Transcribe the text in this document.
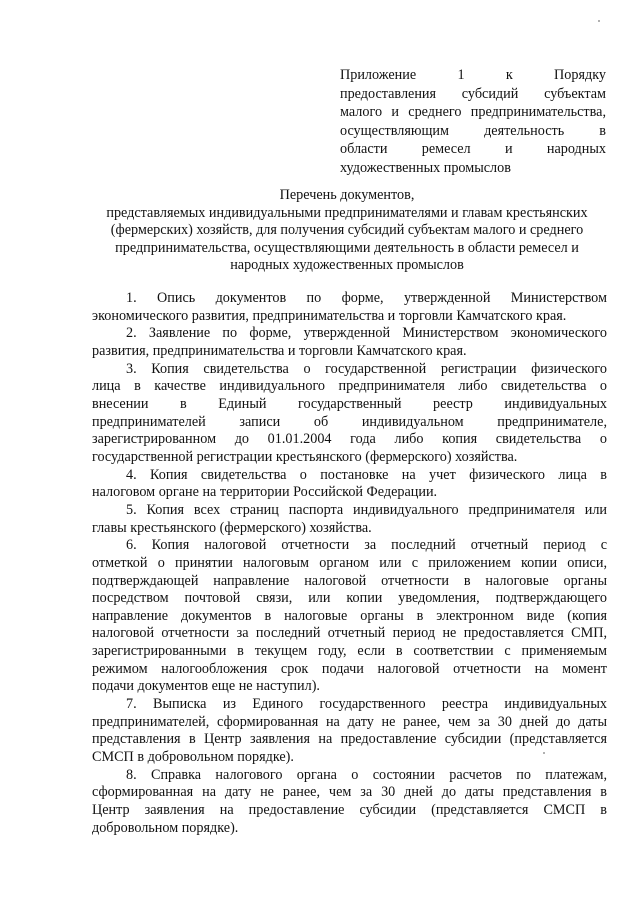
Приложение 1 к Порядку
предоставления субсидий субъектам
малого и среднего предпринимательства,
осуществляющим деятельность в
области ремесел и народных
художественных промыслов
Перечень документов,
представляемых индивидуальными предпринимателями и главам крестьянских
(фермерских) хозяйств, для получения субсидий субъектам малого и среднего
предпринимательства, осуществляющими деятельность в области ремесел и
народных художественных промыслов
1. Опись документов по форме, утвержденной Министерством
экономического развития, предпринимательства и торговли Камчатского края.
2. Заявление по форме, утвержденной Министерством экономического
развития, предпринимательства и торговли Камчатского края.
3. Копия свидетельства о государственной регистрации физического
лица в качестве индивидуального предпринимателя либо свидетельства о
внесении в Единый государственный реестр индивидуальных
предпринимателей записи об индивидуальном предпринимателе,
зарегистрированном до 01.01.2004 года либо копия свидетельства о
государственной регистрации крестьянского (фермерского) хозяйства.
4. Копия свидетельства о постановке на учет физического лица в
налоговом органе на территории Российской Федерации.
5. Копия всех страниц паспорта индивидуального предпринимателя или
главы крестьянского (фермерского) хозяйства.
6. Копия налоговой отчетности за последний отчетный период с
отметкой о принятии налоговым органом или с приложением копии описи,
подтверждающей направление налоговой отчетности в налоговые органы
посредством почтовой связи, или копии уведомления, подтверждающего
направление документов в налоговые органы в электронном виде (копия
налоговой отчетности за последний отчетный период не предоставляется СМП,
зарегистрированными в текущем году, если в соответствии с применяемым
режимом налогообложения срок подачи налоговой отчетности на момент
подачи документов еще не наступил).
7. Выписка из Единого государственного реестра индивидуальных
предпринимателей, сформированная на дату не ранее, чем за 30 дней до даты
представления в Центр заявления на предоставление субсидии (представляется
СМСП в добровольном порядке).
8. Справка налогового органа о состоянии расчетов по платежам,
сформированная на дату не ранее, чем за 30 дней до даты представления в
Центр заявления на предоставление субсидии (представляется СМСП в
добровольном порядке).
